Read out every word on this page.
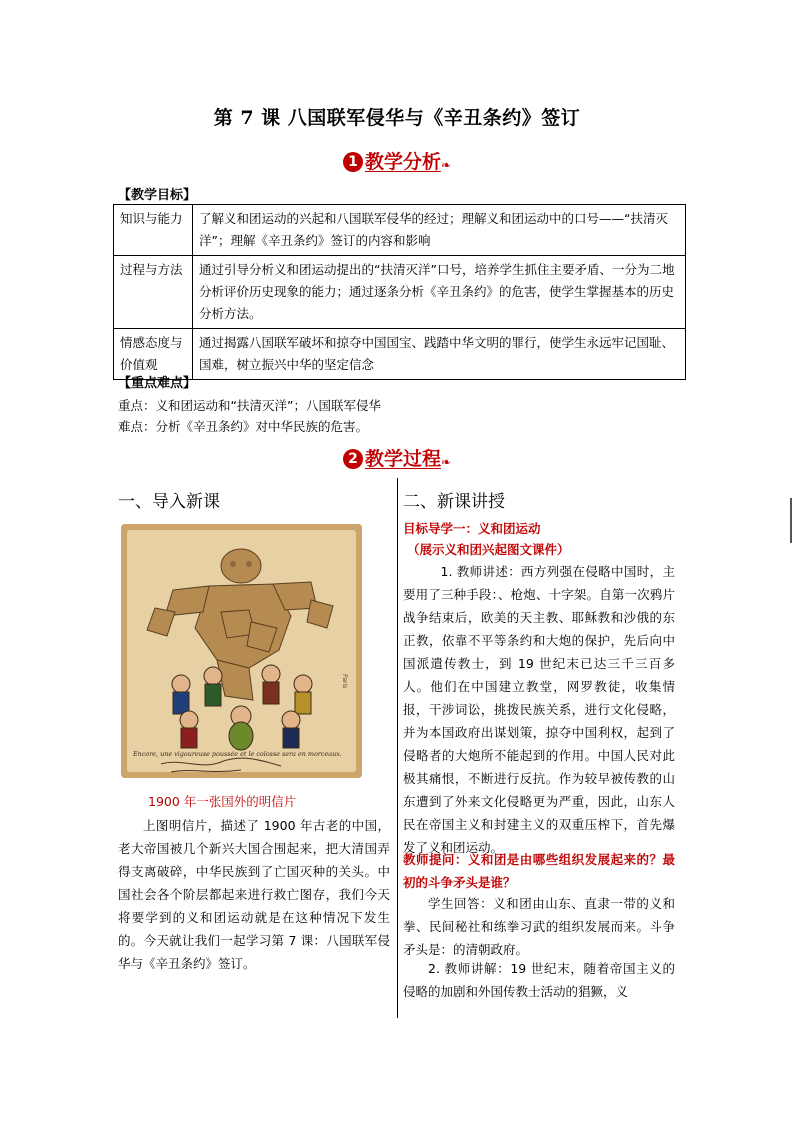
第 7 课 八国联军侵华与《辛丑条约》签订
1 教学分析❧
【教学目标】
知识与能力	了解义和团运动的兴起和八国联军侵华的经过；理解义和团运动中的口号——“扶清灭洋”；理解《辛丑条约》签订的内容和影响
过程与方法	通过引导分析义和团运动提出的“扶清灭洋”口号，培养学生抓住主要矛盾、一分为二地分析评价历史现象的能力；通过逐条分析《辛丑条约》的危害，使学生掌握基本的历史分析方法。
情感态度与价值观	通过揭露八国联军破坏和掠夺中国国宝、践踏中华文明的罪行，使学生永远牢记国耻、国难，树立振兴中华的坚定信念
【重点难点】
重点：义和团运动和“扶清灭洋”；八国联军侵华
难点：分析《辛丑条约》对中华民族的危害。
2 教学过程❧
一、导入新课
Paris
Encore, une vigoureuse poussée et le colosse sera en morceaux.
1900 年一张国外的明信片
上图明信片，描述了 1900 年古老的中国，老大帝国被几个新兴大国合围起来，把大清国弄得支离破碎，中华民族到了亡国灭种的关头。中国社会各个阶层都起来进行救亡图存，我们今天将要学到的义和团运动就是在这种情况下发生的。今天就让我们一起学习第 7 课：八国联军侵华与《辛丑条约》签订。
二、新课讲授
目标导学一：义和团运动
（展示义和团兴起图文课件）
1. 教师讲述：西方列强在侵略中国时，主要用了三种手段：、枪炮、十字架。自第一次鸦片战争结束后，欧美的天主教、耶稣教和沙俄的东正教，依靠不平等条约和大炮的保护，先后向中国派遣传教士，到 19 世纪末已达三千三百多人。他们在中国建立教堂，网罗教徒，收集情报，干涉词讼，挑拨民族关系，进行文化侵略，并为本国政府出谋划策，掠夺中国利权，起到了侵略者的大炮所不能起到的作用。中国人民对此极其痛恨，不断进行反抗。作为较早被传教的山东遭到了外来文化侵略更为严重，因此，山东人民在帝国主义和封建主义的双重压榨下，首先爆发了义和团运动。
教师提问：义和团是由哪些组织发展起来的？最初的斗争矛头是谁？
学生回答：义和团由山东、直隶一带的义和拳、民间秘社和练拳习武的组织发展而来。斗争矛头是：的清朝政府。
2. 教师讲解：19 世纪末，随着帝国主义的侵略的加剧和外国传教士活动的猖獗，义
